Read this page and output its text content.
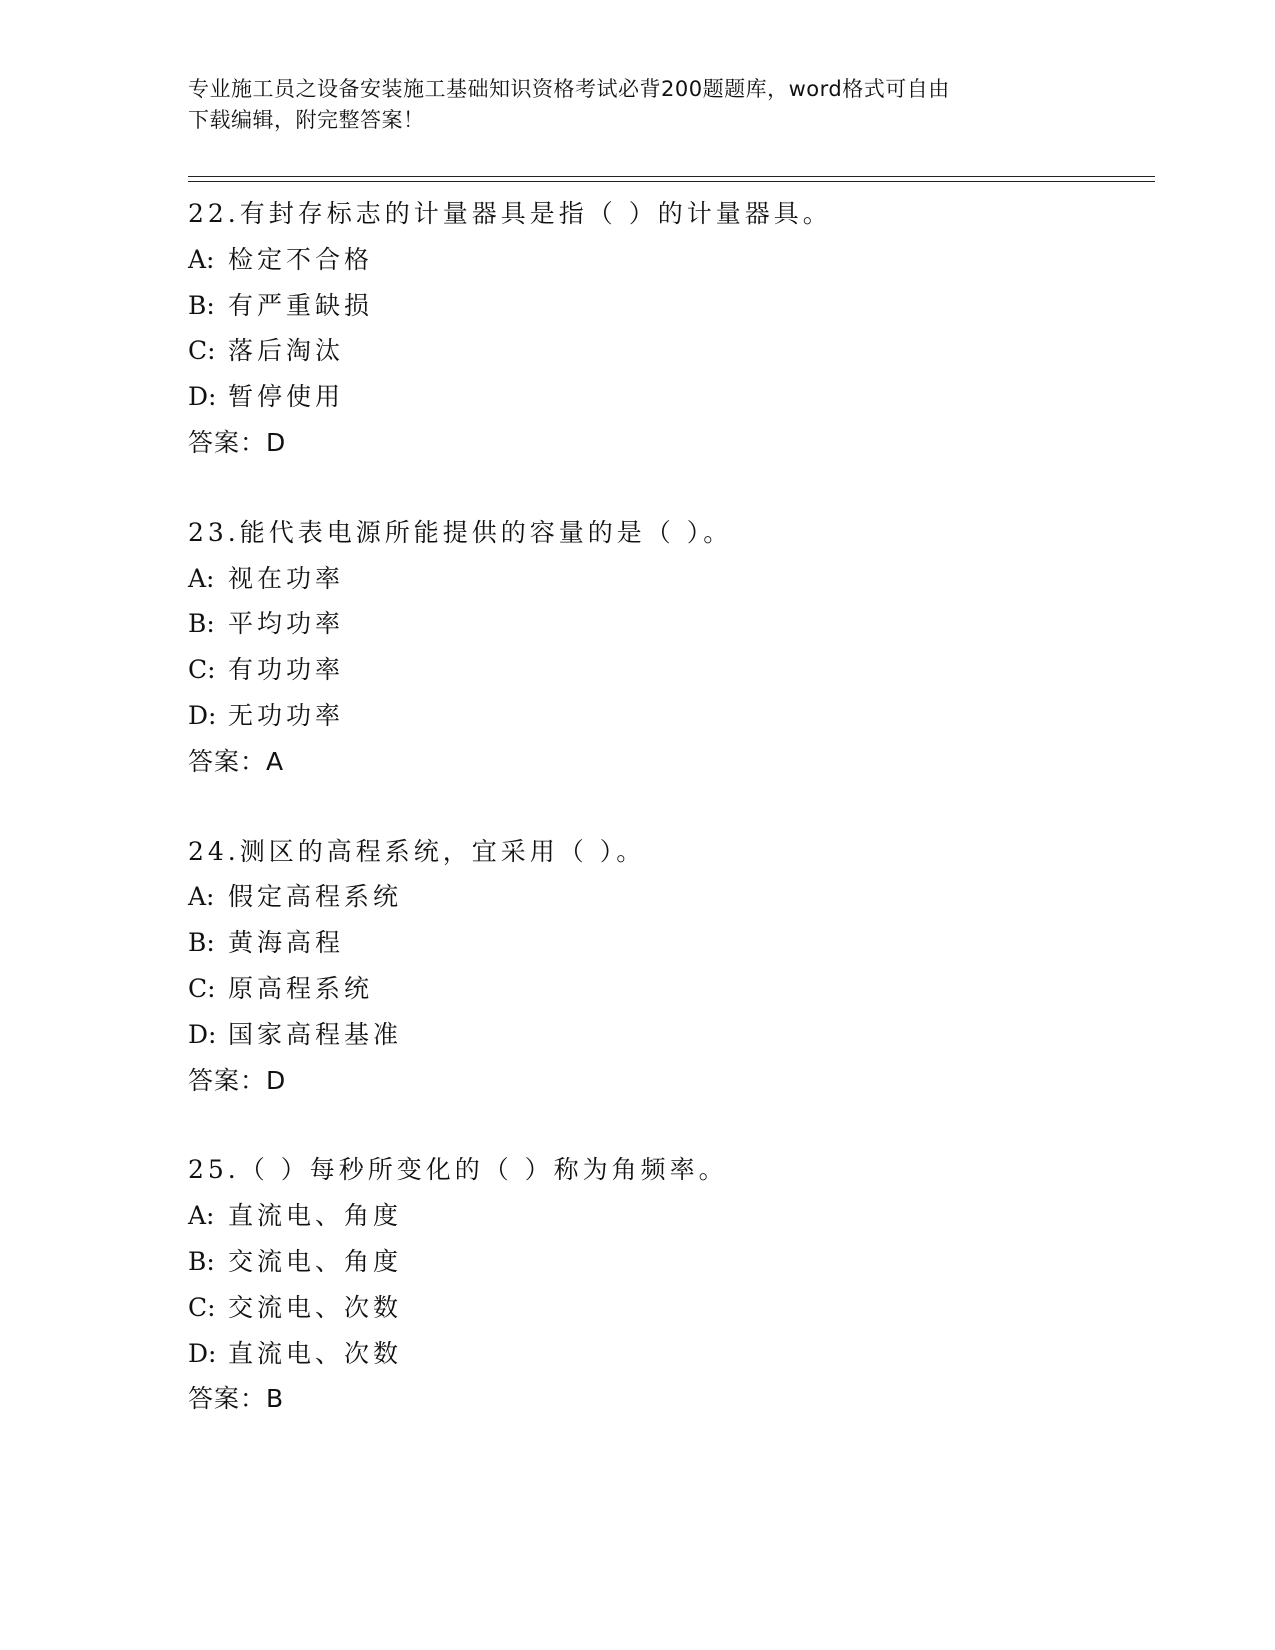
专业施工员之设备安装施工基础知识资格考试必背200题题库，word格式可自由
下载编辑，附完整答案！
22.有封存标志的计量器具是指（ ）的计量器具。
A: 检定不合格
B: 有严重缺损
C: 落后淘汰
D: 暂停使用
答案：D
23.能代表电源所能提供的容量的是（ ）。
A: 视在功率
B: 平均功率
C: 有功功率
D: 无功功率
答案：A
24.测区的高程系统，宜采用（ ）。
A: 假定高程系统
B: 黄海高程
C: 原高程系统
D: 国家高程基准
答案：D
25.（ ）每秒所变化的（ ）称为角频率。
A: 直流电、角度
B: 交流电、角度
C: 交流电、次数
D: 直流电、次数
答案：B
